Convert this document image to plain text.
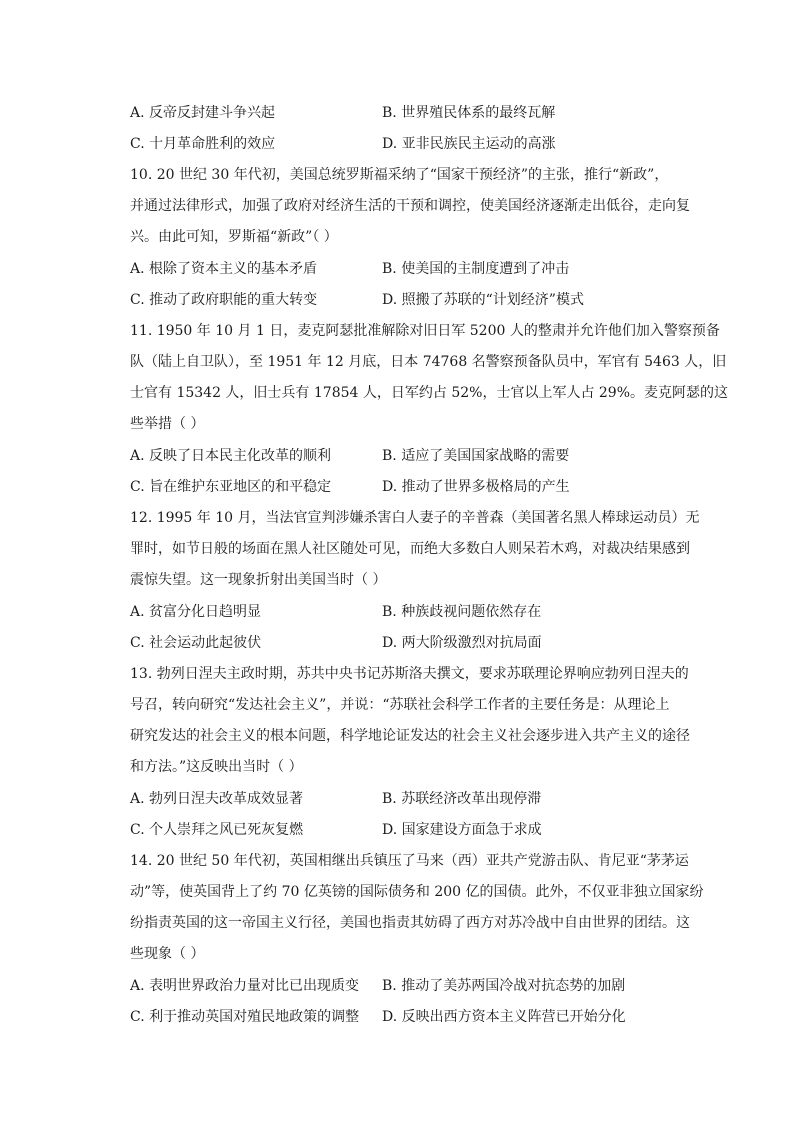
A. 反帝反封建斗争兴起	B. 世界殖民体系的最终瓦解
C. 十月革命胜利的效应	D. 亚非民族民主运动的高涨
10. 20 世纪 30 年代初，美国总统罗斯福采纳了“国家干预经济”的主张，推行“新政”，
并通过法律形式，加强了政府对经济生活的干预和调控，使美国经济逐渐走出低谷，走向复
兴。由此可知，罗斯福“新政”（ ）
A. 根除了资本主义的基本矛盾	B. 使美国的主制度遭到了冲击
C. 推动了政府职能的重大转变	D. 照搬了苏联的“计划经济”模式
11. 1950 年 10 月 1 日，麦克阿瑟批准解除对旧日军 5200 人的整肃并允许他们加入警察预备
队（陆上自卫队），至 1951 年 12 月底，日本 74768 名警察预备队员中，军官有 5463 人，旧
士官有 15342 人，旧士兵有 17854 人，日军约占 52%，士官以上军人占 29%。麦克阿瑟的这
些举措（ ）
A. 反映了日本民主化改革的顺利	B. 适应了美国国家战略的需要
C. 旨在维护东亚地区的和平稳定	D. 推动了世界多极格局的产生
12. 1995 年 10 月，当法官宣判涉嫌杀害白人妻子的辛普森（美国著名黑人棒球运动员）无
罪时，如节日般的场面在黑人社区随处可见，而绝大多数白人则呆若木鸡，对裁决结果感到
震惊失望。这一现象折射出美国当时（ ）
A. 贫富分化日趋明显	B. 种族歧视问题依然存在
C. 社会运动此起彼伏	D. 两大阶级激烈对抗局面
13. 勃列日涅夫主政时期，苏共中央书记苏斯洛夫撰文，要求苏联理论界响应勃列日涅夫的
号召，转向研究“发达社会主义”，并说：“苏联社会科学工作者的主要任务是：从理论上
研究发达的社会主义的根本问题，科学地论证发达的社会主义社会逐步进入共产主义的途径
和方法。”这反映出当时（ ）
A. 勃列日涅夫改革成效显著	B. 苏联经济改革出现停滞
C. 个人崇拜之风已死灰复燃	D. 国家建设方面急于求成
14. 20 世纪 50 年代初，英国相继出兵镇压了马来（西）亚共产党游击队、肯尼亚“茅茅运
动”等，使英国背上了约 70 亿英镑的国际债务和 200 亿的国债。此外，不仅亚非独立国家纷
纷指责英国的这一帝国主义行径，美国也指责其妨碍了西方对苏冷战中自由世界的团结。这
些现象（ ）
A. 表明世界政治力量对比已出现质变 B. 推动了美苏两国冷战对抗态势的加剧
C. 利于推动英国对殖民地政策的调整 D. 反映出西方资本主义阵营已开始分化
